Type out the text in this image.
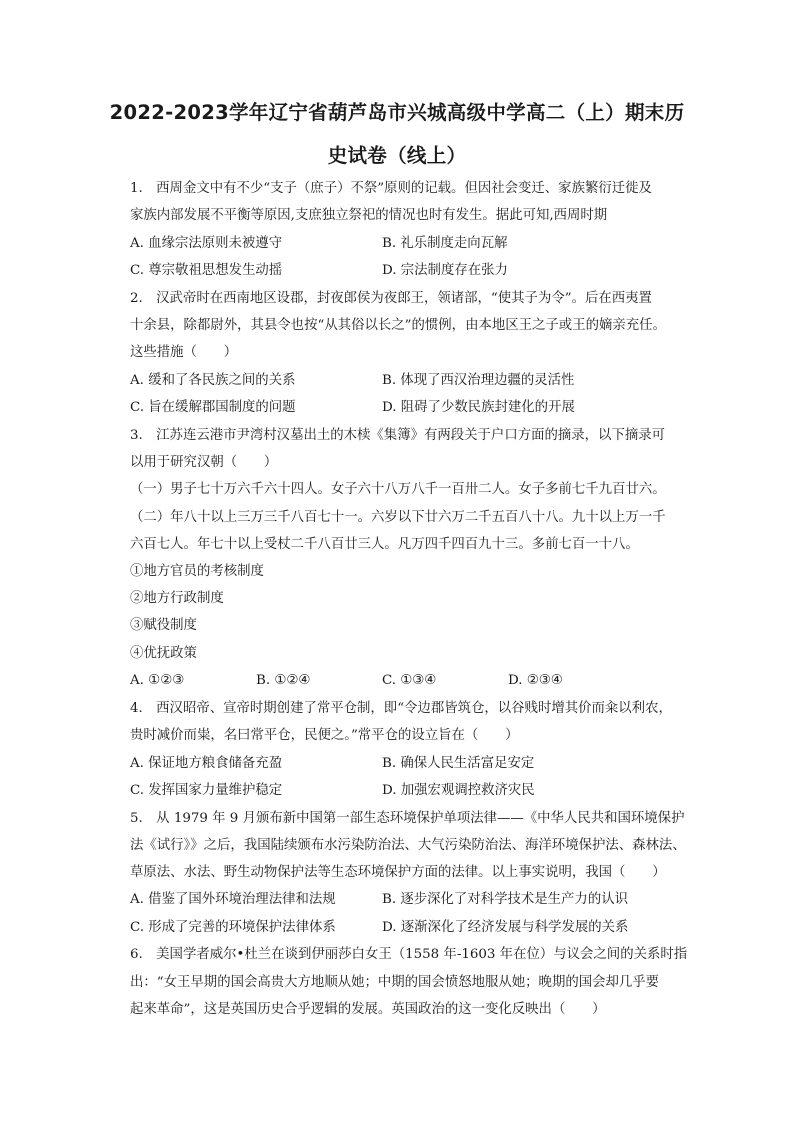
2022-2023学年辽宁省葫芦岛市兴城高级中学高二（上）期末历
史试卷（线上）
1.　西周金文中有不少“支子（庶子）不祭”原则的记载。但因社会变迁、家族繁衍迁徙及
家族内部发展不平衡等原因,支庶独立祭祀的情况也时有发生。据此可知,西周时期
A. 血缘宗法原则未被遵守	B. 礼乐制度走向瓦解
C. 尊宗敬祖思想发生动摇	D. 宗法制度存在张力
2.　汉武帝时在西南地区设郡，封夜郎侯为夜郎王，领诸部，“使其子为令”。后在西夷置
十余县，除都尉外，其县令也按“从其俗以长之”的惯例，由本地区王之子或王的嫡亲充任。
这些措施（　　）
A. 缓和了各民族之间的关系	B. 体现了西汉治理边疆的灵活性
C. 旨在缓解郡国制度的问题	D. 阻碍了少数民族封建化的开展
3.　江苏连云港市尹湾村汉墓出土的木椟《集簿》有两段关于户口方面的摘录，以下摘录可
以用于研究汉朝（　　）
（一）男子七十万六千六十四人。女子六十八万八千一百卅二人。女子多前七千九百廿六。
（二）年八十以上三万三千八百七十一。六岁以下廿六万二千五百八十八。九十以上万一千
六百七人。年七十以上受杖二千八百廿三人。凡万四千四百九十三。多前七百一十八。
①地方官员的考核制度
②地方行政制度
③赋役制度
④优抚政策
A. ①②③	B. ①②④	C. ①③④	D. ②③④
4.　西汉昭帝、宣帝时期创建了常平仓制，即“令边郡皆筑仓，以谷贱时增其价而籴以利农，
贵时减价而粜，名曰常平仓，民便之。”常平仓的设立旨在（　　）
A. 保证地方粮食储备充盈	B. 确保人民生活富足安定
C. 发挥国家力量维护稳定	D. 加强宏观调控救济灾民
5.　从 1979 年 9 月颁布新中国第一部生态环境保护单项法律——《中华人民共和国环境保护
法《试行》》之后，我国陆续颁布水污染防治法、大气污染防治法、海洋环境保护法、森林法、
草原法、水法、野生动物保护法等生态环境保护方面的法律。以上事实说明，我国（　　）
A. 借鉴了国外环境治理法律和法规	B. 逐步深化了对科学技术是生产力的认识
C. 形成了完善的环境保护法律体系	D. 逐渐深化了经济发展与科学发展的关系
6.　美国学者威尔•杜兰在谈到伊丽莎白女王（1558 年-1603 年在位）与议会之间的关系时指
出：“女王早期的国会高贵大方地顺从她；中期的国会愤怒地服从她；晚期的国会却几乎要
起来革命”，这是英国历史合乎逻辑的发展。英国政治的这一变化反映出（　　）
